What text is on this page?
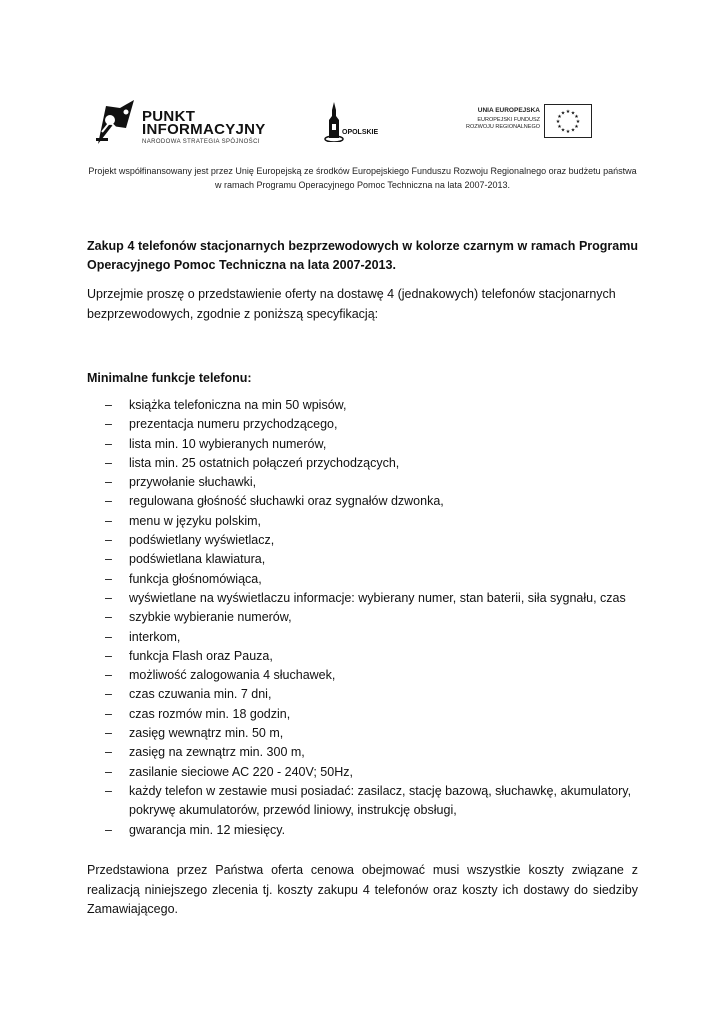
PUNKT
INFORMACYJNY
NARODOWA STRATEGIA SPÓJNOŚCI
OPOLSKIE
UNIA EUROPEJSKA
EUROPEJSKI FUNDUSZ
ROZWOJU REGIONALNEGO
★ ★
★
★
★
★
★
★
★
★
★
★

Projekt współfinansowany jest przez Unię Europejską ze środków Europejskiego Funduszu Rozwoju Regionalnego oraz budżetu państwa

w ramach Programu Operacyjnego Pomoc Techniczna na lata 2007-2013.

Zakup 4 telefonów stacjonarnych bezprzewodowych w kolorze czarnym w ramach Programu Operacyjnego Pomoc Techniczna na lata 2007-2013.

Uprzejmie proszę o przedstawienie oferty na dostawę 4 (jednakowych) telefonów stacjonarnych bezprzewodowych, zgodnie z poniższą specyfikacją:

Minimalne funkcje telefonu:

– książka telefoniczna na min 50 wpisów,
– prezentacja numeru przychodzącego,
– lista min. 10 wybieranych numerów,
– lista min. 25 ostatnich połączeń przychodzących,
– przywołanie słuchawki,
– regulowana głośność słuchawki oraz sygnałów dzwonka,
– menu w języku polskim,
– podświetlany wyświetlacz,
– podświetlana klawiatura,
– funkcja głośnomówiąca,
– wyświetlane na wyświetlaczu informacje: wybierany numer, stan baterii, siła sygnału, czas
– szybkie wybieranie numerów,
– interkom,
– funkcja Flash oraz Pauza,
– możliwość zalogowania 4 słuchawek,
– czas czuwania min. 7 dni,
– czas rozmów min. 18 godzin,
– zasięg wewnątrz min. 50 m,
– zasięg na zewnątrz min. 300 m,
– zasilanie sieciowe AC 220 - 240V; 50Hz,
– każdy telefon w zestawie musi posiadać: zasilacz, stację bazową, słuchawkę, akumulatory, pokrywę akumulatorów, przewód liniowy, instrukcję obsługi,
– gwarancja min. 12 miesięcy.

Przedstawiona przez Państwa oferta cenowa obejmować musi wszystkie koszty związane z realizacją niniejszego zlecenia tj. koszty zakupu 4 telefonów oraz koszty ich dostawy do siedziby Zamawiającego.
